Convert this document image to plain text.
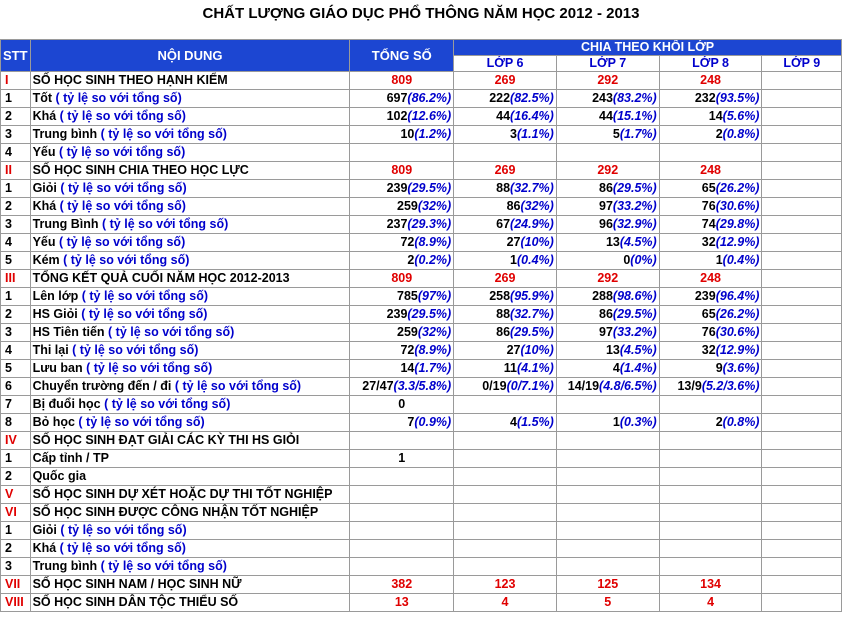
CHẤT LƯỢNG GIÁO DỤC PHỔ THÔNG NĂM HỌC 2012 - 2013
STT	NỘI DUNG	TỔNG SỐ	CHIA THEO KHỐI LỚP			
			LỚP 6	LỚP 7	LỚP 8	LỚP 9
I	SỐ HỌC SINH THEO HẠNH KIỂM	809	269	292	248	
1	Tốt ( tỷ lệ so với tổng số)	697(86.2%)	222(82.5%)	243(83.2%)	232(93.5%)	
2	Khá ( tỷ lệ so với tổng số)	102(12.6%)	44(16.4%)	44(15.1%)	14(5.6%)	
3	Trung bình ( tỷ lệ so với tổng số)	10(1.2%)	3(1.1%)	5(1.7%)	2(0.8%)	
4	Yếu ( tỷ lệ so với tổng số)					
II	SỐ HỌC SINH CHIA THEO HỌC LỰC	809	269	292	248	
1	Giỏi ( tỷ lệ so với tổng số)	239(29.5%)	88(32.7%)	86(29.5%)	65(26.2%)	
2	Khá ( tỷ lệ so với tổng số)	259(32%)	86(32%)	97(33.2%)	76(30.6%)	
3	Trung Bình ( tỷ lệ so với tổng số)	237(29.3%)	67(24.9%)	96(32.9%)	74(29.8%)	
4	Yếu ( tỷ lệ so với tổng số)	72(8.9%)	27(10%)	13(4.5%)	32(12.9%)	
5	Kém ( tỷ lệ so với tổng số)	2(0.2%)	1(0.4%)	0(0%)	1(0.4%)	
III	TỔNG KẾT QUẢ CUỐI NĂM HỌC 2012-2013	809	269	292	248	
1	Lên lớp ( tỷ lệ so với tổng số)	785(97%)	258(95.9%)	288(98.6%)	239(96.4%)	
2	HS Giỏi ( tỷ lệ so với tổng số)	239(29.5%)	88(32.7%)	86(29.5%)	65(26.2%)	
3	HS Tiên tiến ( tỷ lệ so với tổng số)	259(32%)	86(29.5%)	97(33.2%)	76(30.6%)	
4	Thi lại ( tỷ lệ so với tổng số)	72(8.9%)	27(10%)	13(4.5%)	32(12.9%)	
5	Lưu ban ( tỷ lệ so với tổng số)	14(1.7%)	11(4.1%)	4(1.4%)	9(3.6%)	
6	Chuyển trường đến / đi ( tỷ lệ so với tổng số)	27/47(3.3/5.8%)	0/19(0/7.1%)	14/19(4.8/6.5%)	13/9(5.2/3.6%)	
7	Bị đuổi học ( tỷ lệ so với tổng số)	0				
8	Bỏ học ( tỷ lệ so với tổng số)	7(0.9%)	4(1.5%)	1(0.3%)	2(0.8%)	
IV	SỐ HỌC SINH ĐẠT GIẢI CÁC KỲ THI HS GIỎI					
1	Cấp tỉnh / TP	1				
2	Quốc gia					
V	SỐ HỌC SINH DỰ XÉT HOẶC DỰ THI TỐT NGHIỆP					
VI	SỐ HỌC SINH ĐƯỢC CÔNG NHẬN TỐT NGHIỆP					
1	Giỏi ( tỷ lệ so với tổng số)					
2	Khá ( tỷ lệ so với tổng số)					
3	Trung bình ( tỷ lệ so với tổng số)					
VII	SỐ HỌC SINH NAM / HỌC SINH NỮ	382	123	125	134	
VIII	SỐ HỌC SINH DÂN TỘC THIỂU SỐ	13	4	5	4	
